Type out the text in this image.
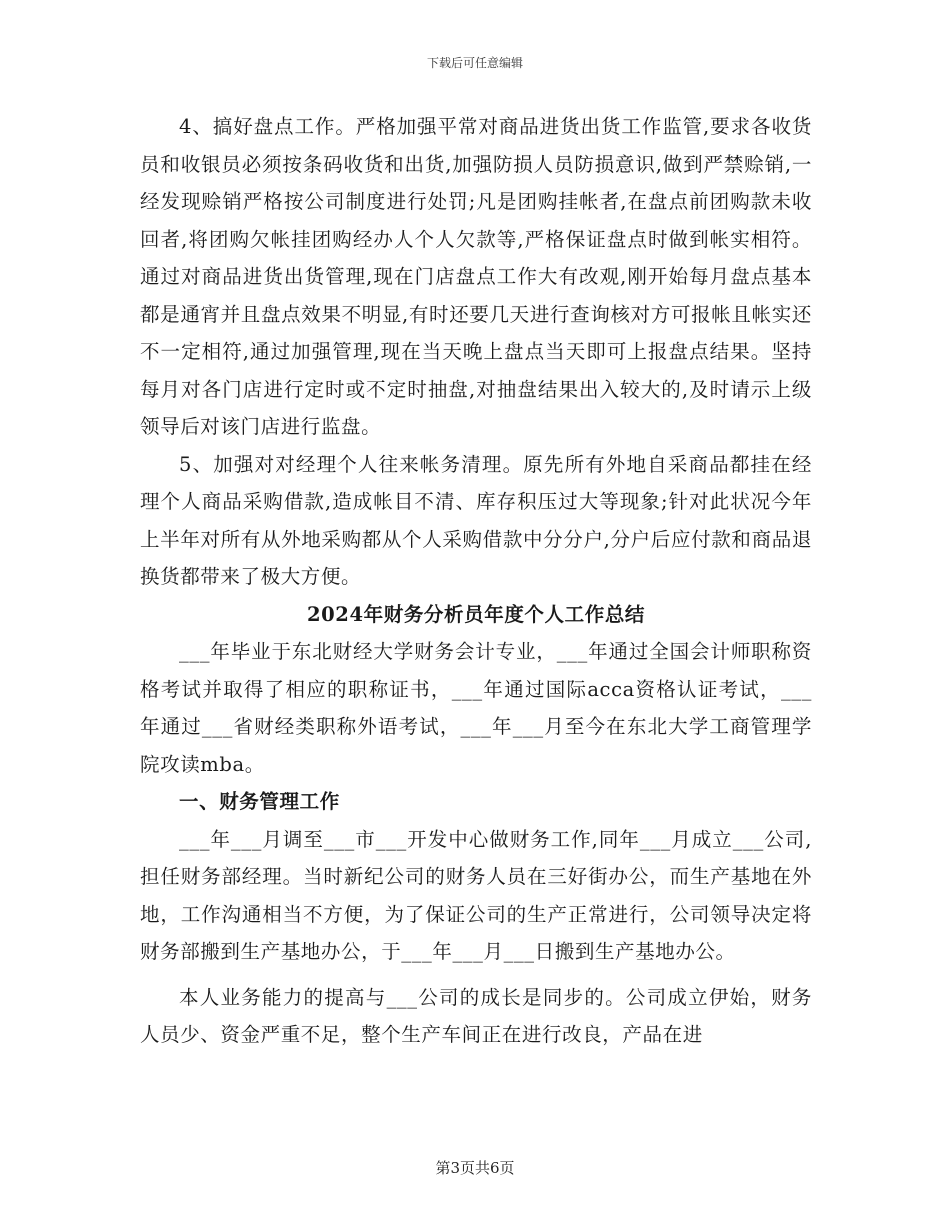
下载后可任意编辑

4、搞好盘点工作。严格加强平常对商品进货出货工作监管,要求各收货员和收银员必须按条码收货和出货,加强防损人员防损意识,做到严禁赊销,一经发现赊销严格按公司制度进行处罚;凡是团购挂帐者,在盘点前团购款未收回者,将团购欠帐挂团购经办人个人欠款等,严格保证盘点时做到帐实相符。通过对商品进货出货管理,现在门店盘点工作大有改观,刚开始每月盘点基本都是通宵并且盘点效果不明显,有时还要几天进行查询核对方可报帐且帐实还不一定相符,通过加强管理,现在当天晚上盘点当天即可上报盘点结果。坚持每月对各门店进行定时或不定时抽盘,对抽盘结果出入较大的,及时请示上级领导后对该门店进行监盘。

5、加强对对经理个人往来帐务清理。原先所有外地自采商品都挂在经理个人商品采购借款,造成帐目不清、库存积压过大等现象;针对此状况今年上半年对所有从外地采购都从个人采购借款中分分户,分户后应付款和商品退换货都带来了极大方便。

2024年财务分析员年度个人工作总结

___年毕业于东北财经大学财务会计专业，___年通过全国会计师职称资格考试并取得了相应的职称证书，___年通过国际acca资格认证考试，___年通过___省财经类职称外语考试，___年___月至今在东北大学工商管理学院攻读mba。

一、财务管理工作

___年___月调至___市___开发中心做财务工作,同年___月成立___公司,担任财务部经理。当时新纪公司的财务人员在三好街办公，而生产基地在外地，工作沟通相当不方便，为了保证公司的生产正常进行，公司领导决定将财务部搬到生产基地办公，于___年___月___日搬到生产基地办公。

本人业务能力的提高与___公司的成长是同步的。公司成立伊始，财务人员少、资金严重不足，整个生产车间正在进行改良，产品在进

第3页共6页
